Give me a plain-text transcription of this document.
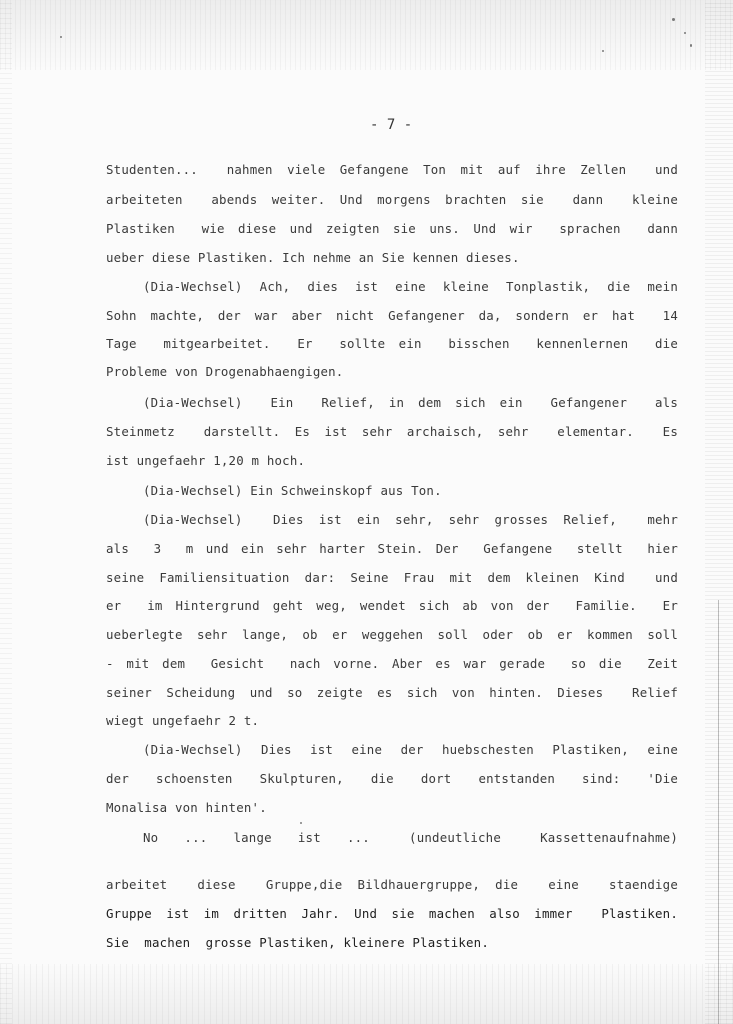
- 7 -
Studenten...  nahmen viele Gefangene Ton mit auf ihre Zellen  und
arbeiteten  abends weiter. Und morgens brachten sie  dann  kleine
Plastiken  wie diese und zeigten sie uns. Und wir  sprachen  dann
ueber diese Plastiken. Ich nehme an Sie kennen dieses.
(Dia-Wechsel) Ach, dies ist eine kleine Tonplastik, die mein
Sohn machte, der war aber nicht Gefangener da, sondern er hat  14
Tage  mitgearbeitet.  Er  sollte ein  bisschen  kennenlernen  die
Probleme von Drogenabhaengigen.
(Dia-Wechsel)  Ein  Relief, in dem sich ein  Gefangener  als
Steinmetz  darstellt. Es ist sehr archaisch, sehr  elementar.  Es
ist ungefaehr 1,20 m hoch.
(Dia-Wechsel) Ein Schweinskopf aus Ton.
(Dia-Wechsel)  Dies ist ein sehr, sehr grosses Relief,  mehr
als  3  m und ein sehr harter Stein. Der  Gefangene  stellt  hier
seine Familiensituation dar: Seine Frau mit dem kleinen Kind  und
er  im Hintergrund geht weg, wendet sich ab von der  Familie.  Er
ueberlegte sehr lange, ob er weggehen soll oder ob er kommen soll
- mit dem  Gesicht  nach vorne. Aber es war gerade  so die  Zeit
seiner Scheidung und so zeigte es sich von hinten. Dieses  Relief
wiegt ungefaehr 2 t.
(Dia-Wechsel) Dies ist eine der huebschesten Plastiken, eine
der  schoensten  Skulpturen,  die  dort  entstanden  sind:  'Die
Monalisa von hinten'.
No  ...  lange  ist  ...   (undeutliche   Kassettenaufnahme)
arbeitet  diese  Gruppe,die Bildhauergruppe, die  eine  staendige
Gruppe ist im dritten Jahr. Und sie machen also immer  Plastiken.
Sie  machen  grosse Plastiken, kleinere Plastiken.
